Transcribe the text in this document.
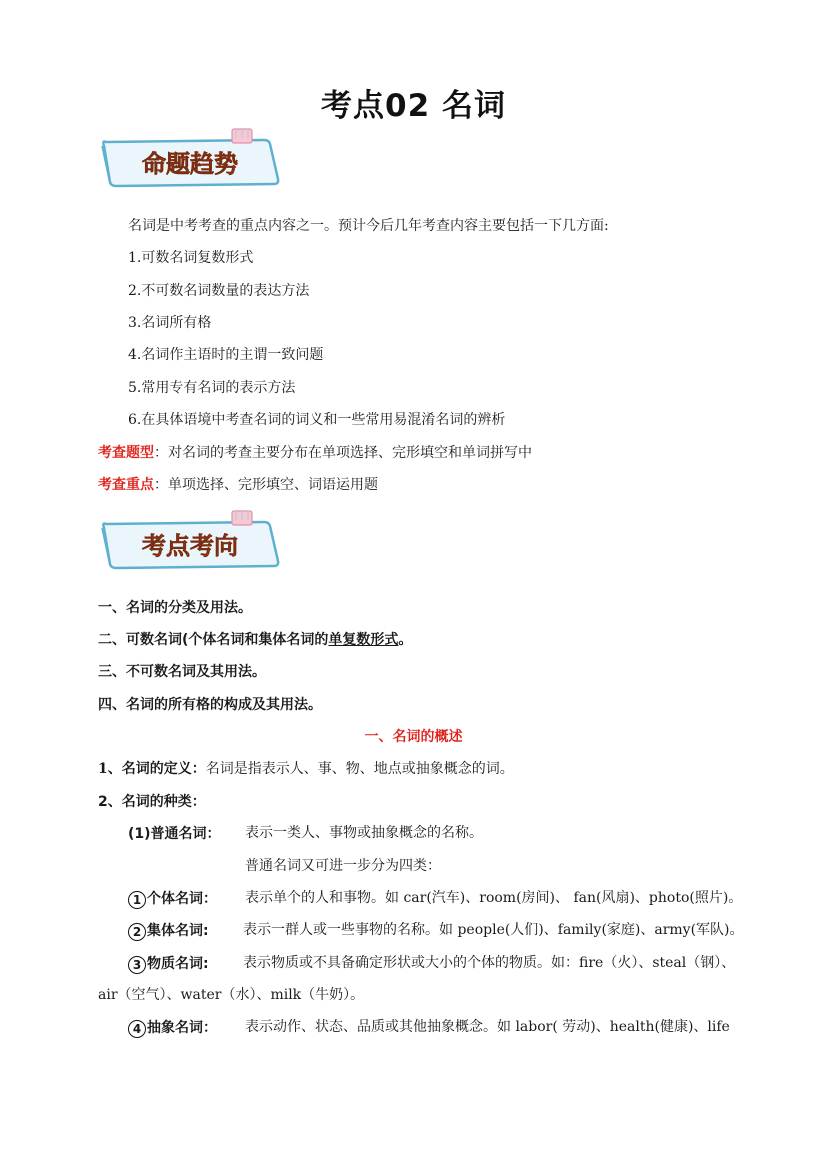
考点02 名词
命题趋势
名词是中考考查的重点内容之一。预计今后几年考查内容主要包括一下几方面:
1.可数名词复数形式
2.不可数名词数量的表达方法
3.名词所有格
4.名词作主语时的主谓一致问题
5.常用专有名词的表示方法
6.在具体语境中考查名词的词义和一些常用易混淆名词的辨析
考查题型：对名词的考查主要分布在单项选择、完形填空和单词拼写中
考查重点：单项选择、完形填空、词语运用题
考点考向
一、名词的分类及用法。
二、可数名词(个体名词和集体名词的单复数形式。
三、不可数名词及其用法。
四、名词的所有格的构成及其用法。
一、名词的概述
1、名词的定义：名词是指表示人、事、物、地点或抽象概念的词。
2、名词的种类：
(1)普通名词： 表示一类人、事物或抽象概念的名称。
普通名词又可进一步分为四类：
1 个体名词： 表示单个的人和事物。如 car(汽车)、room(房间)、 fan(风扇)、photo(照片)。
2 集体名词: 表示一群人或一些事物的名称。如 people(人们)、family(家庭)、army(军队)。
3 物质名词: 表示物质或不具备确定形状或大小的个体的物质。如：fire（火）、steal（钢）、
air（空气）、water（水）、milk（牛奶）。
4 抽象名词： 表示动作、状态、品质或其他抽象概念。如 labor( 劳动)、health(健康)、life
